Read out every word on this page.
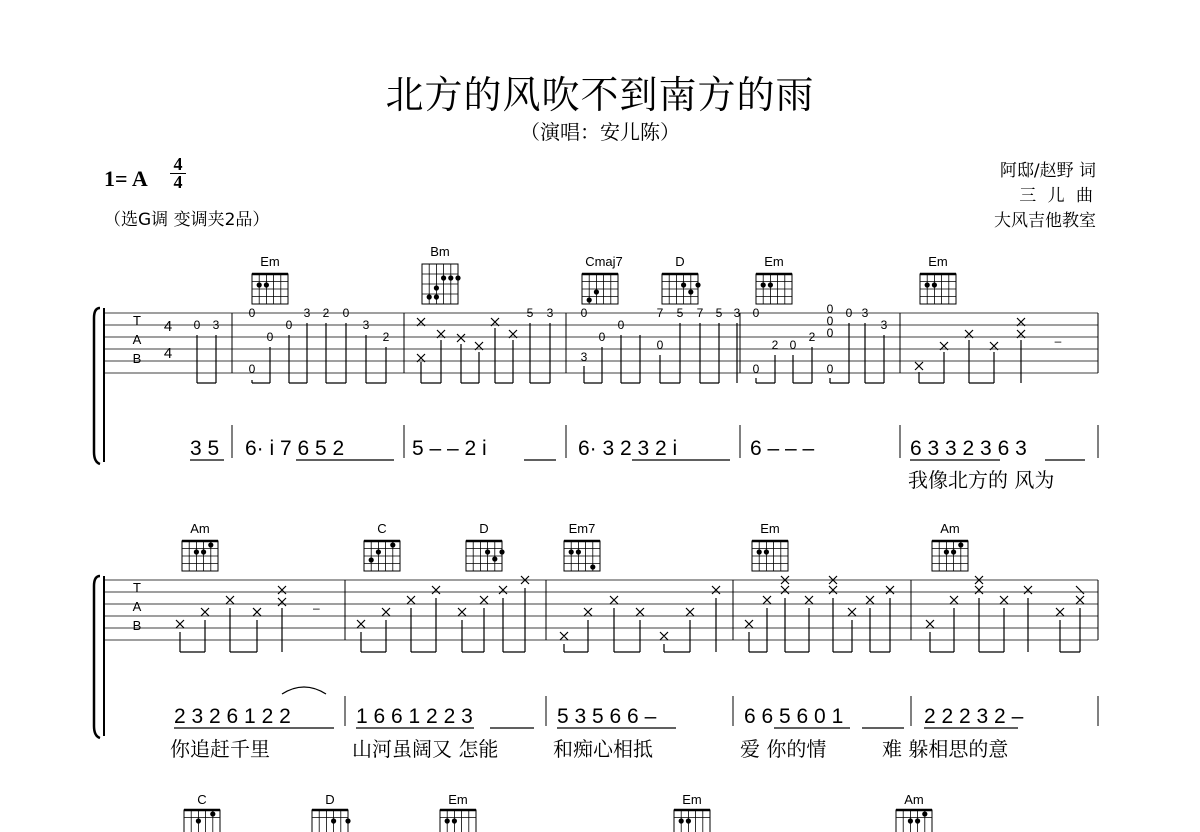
北方的风吹不到南方的雨
（演唱：安儿陈）
1= A
4
4
（选G调 变调夹2品）
阿邸/赵野 词
三 儿 曲
大风吉他教室
Em
Bm
Cmaj7	D	Em	Em
T
A
B
4
4
0 3
0
0
0
3 2 0
3
2
0
5 3 0
0
0
7 5 7 5 3
0
3
0
2 0
2
0
0
0
0 3
3
0
0
–
3 5 6· i 7 6 5 2	5 – – 2 i	6· 3 2 3 2 i	6 – – –	6 3 3 2 3 6 3
我像北方的 风为
Am	C	D	Em7	Em	Am
T
A
B
–
2 3 2 6 1 2 2	1 6 6 1 2 2 3	5 3 5 6 6 –	6 6 5 6 0 1	2 2 2 3 2 –
你追赶千里	山河虽阔又 怎能	和痴心相抵	爱 你的情	难 躲相思的意
C	D	Em	Em	Am
